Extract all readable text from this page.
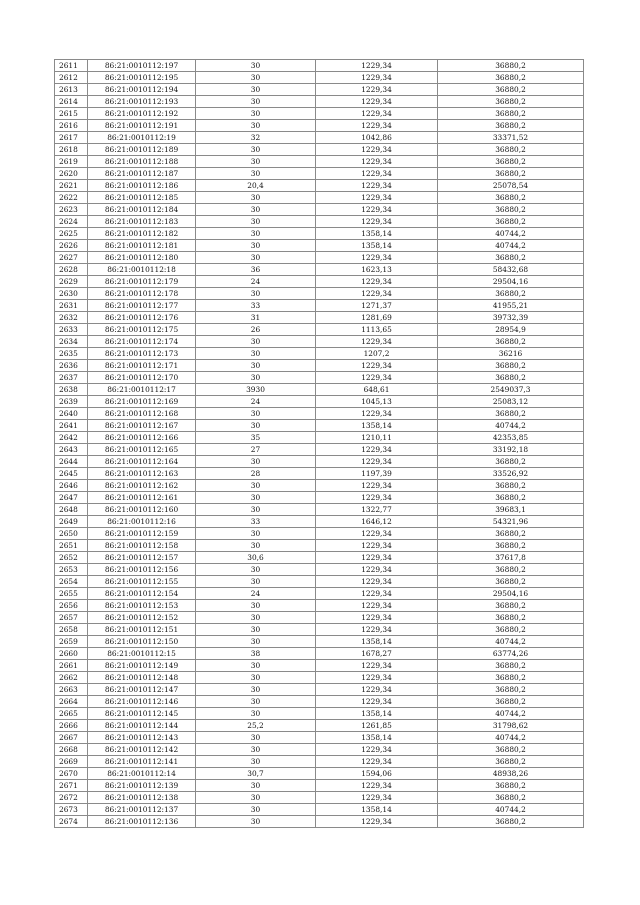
2611	86:21:0010112:197	30	1229,34	36880,2
2612	86:21:0010112:195	30	1229,34	36880,2
2613	86:21:0010112:194	30	1229,34	36880,2
2614	86:21:0010112:193	30	1229,34	36880,2
2615	86:21:0010112:192	30	1229,34	36880,2
2616	86:21:0010112:191	30	1229,34	36880,2
2617	86:21:0010112:19	32	1042,86	33371,52
2618	86:21:0010112:189	30	1229,34	36880,2
2619	86:21:0010112:188	30	1229,34	36880,2
2620	86:21:0010112:187	30	1229,34	36880,2
2621	86:21:0010112:186	20,4	1229,34	25078,54
2622	86:21:0010112:185	30	1229,34	36880,2
2623	86:21:0010112:184	30	1229,34	36880,2
2624	86:21:0010112:183	30	1229,34	36880,2
2625	86:21:0010112:182	30	1358,14	40744,2
2626	86:21:0010112:181	30	1358,14	40744,2
2627	86:21:0010112:180	30	1229,34	36880,2
2628	86:21:0010112:18	36	1623,13	58432,68
2629	86:21:0010112:179	24	1229,34	29504,16
2630	86:21:0010112:178	30	1229,34	36880,2
2631	86:21:0010112:177	33	1271,37	41955,21
2632	86:21:0010112:176	31	1281,69	39732,39
2633	86:21:0010112:175	26	1113,65	28954,9
2634	86:21:0010112:174	30	1229,34	36880,2
2635	86:21:0010112:173	30	1207,2	36216
2636	86:21:0010112:171	30	1229,34	36880,2
2637	86:21:0010112:170	30	1229,34	36880,2
2638	86:21:0010112:17	3930	648,61	2549037,3
2639	86:21:0010112:169	24	1045,13	25083,12
2640	86:21:0010112:168	30	1229,34	36880,2
2641	86:21:0010112:167	30	1358,14	40744,2
2642	86:21:0010112:166	35	1210,11	42353,85
2643	86:21:0010112:165	27	1229,34	33192,18
2644	86:21:0010112:164	30	1229,34	36880,2
2645	86:21:0010112:163	28	1197,39	33526,92
2646	86:21:0010112:162	30	1229,34	36880,2
2647	86:21:0010112:161	30	1229,34	36880,2
2648	86:21:0010112:160	30	1322,77	39683,1
2649	86:21:0010112:16	33	1646,12	54321,96
2650	86:21:0010112:159	30	1229,34	36880,2
2651	86:21:0010112:158	30	1229,34	36880,2
2652	86:21:0010112:157	30,6	1229,34	37617,8
2653	86:21:0010112:156	30	1229,34	36880,2
2654	86:21:0010112:155	30	1229,34	36880,2
2655	86:21:0010112:154	24	1229,34	29504,16
2656	86:21:0010112:153	30	1229,34	36880,2
2657	86:21:0010112:152	30	1229,34	36880,2
2658	86:21:0010112:151	30	1229,34	36880,2
2659	86:21:0010112:150	30	1358,14	40744,2
2660	86:21:0010112:15	38	1678,27	63774,26
2661	86:21:0010112:149	30	1229,34	36880,2
2662	86:21:0010112:148	30	1229,34	36880,2
2663	86:21:0010112:147	30	1229,34	36880,2
2664	86:21:0010112:146	30	1229,34	36880,2
2665	86:21:0010112:145	30	1358,14	40744,2
2666	86:21:0010112:144	25,2	1261,85	31798,62
2667	86:21:0010112:143	30	1358,14	40744,2
2668	86:21:0010112:142	30	1229,34	36880,2
2669	86:21:0010112:141	30	1229,34	36880,2
2670	86:21:0010112:14	30,7	1594,06	48938,26
2671	86:21:0010112:139	30	1229,34	36880,2
2672	86:21:0010112:138	30	1229,34	36880,2
2673	86:21:0010112:137	30	1358,14	40744,2
2674	86:21:0010112:136	30	1229,34	36880,2
